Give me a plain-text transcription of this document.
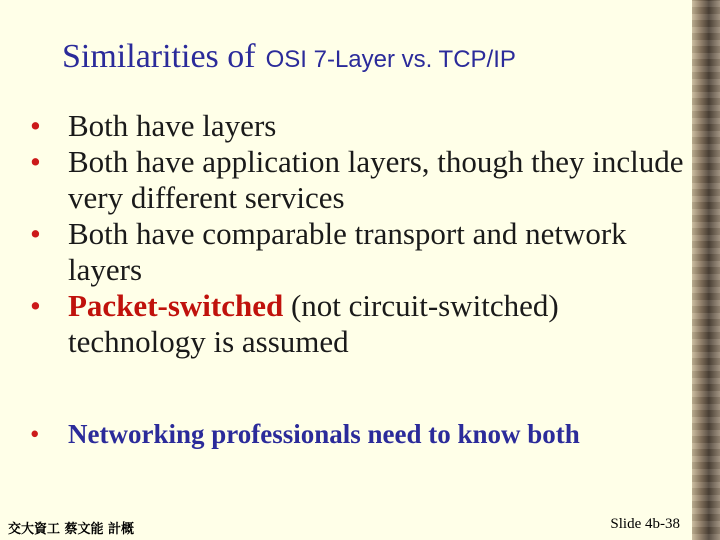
Similarities of OSI 7-Layer vs. TCP/IP
• Both have layers
• Both have application layers, though they include very different services
• Both have comparable transport and network layers
• Packet-switched (not circuit-switched) technology is assumed
• Networking professionals need to know both
交大資工 蔡文能 計概	Slide 4b-38
